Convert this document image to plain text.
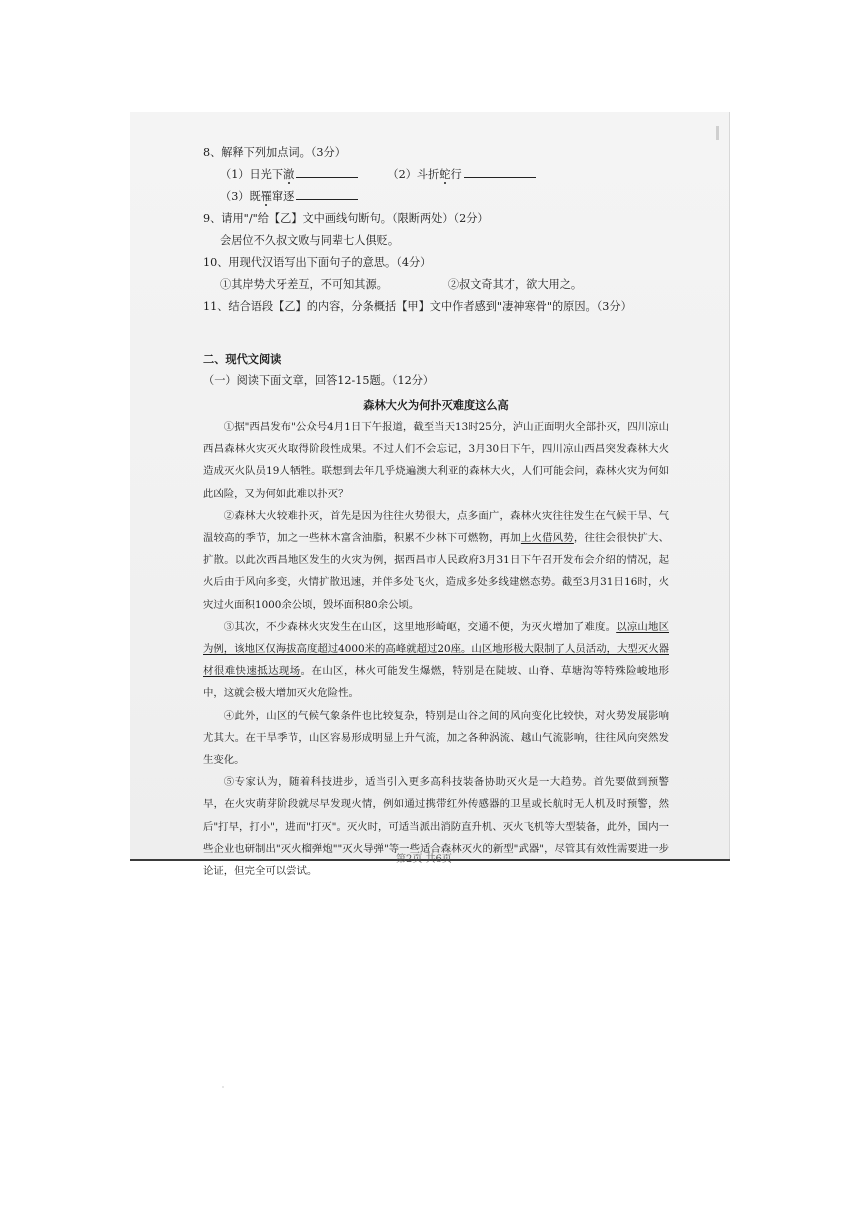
8、解释下列加点词。（3分）
（1）日光下澈	（2）斗折蛇行
（3）既罹窜逐
9、请用"/"给【乙】文中画线句断句。（限断两处）（2分）
会居位不久叔文败与同辈七人俱贬。
10、用现代汉语写出下面句子的意思。（4分）
①其岸势犬牙差互，不可知其源。	②叔文奇其才，欲大用之。
11、结合语段【乙】的内容，分条概括【甲】文中作者感到"凄神寒骨"的原因。（3分）
二、现代文阅读
（一）阅读下面文章，回答12-15题。（12分）
森林大火为何扑灭难度这么高

①据"西昌发布"公众号4月1日下午报道，截至当天13时25分，泸山正面明火全部扑灭，四川凉山西昌森林火灾灭火取得阶段性成果。不过人们不会忘记，3月30日下午，四川凉山西昌突发森林大火造成灭火队员19人牺牲。联想到去年几乎烧遍澳大利亚的森林大火，人们可能会问，森林火灾为何如此凶险，又为何如此难以扑灭？

②森林大火较难扑灭，首先是因为往往火势很大，点多面广，森林火灾往往发生在气候干旱、气温较高的季节，加之一些林木富含油脂，积累不少林下可燃物，再加上火借风势，往往会很快扩大、扩散。以此次西昌地区发生的火灾为例，据西昌市人民政府3月31日下午召开发布会介绍的情况，起火后由于风向多变，火情扩散迅速，并伴多处飞火，造成多处多线建燃态势。截至3月31日16时，火灾过火面积1000余公顷，毁坏面积80余公顷。

③其次，不少森林火灾发生在山区，这里地形崎岖，交通不便，为灭火增加了难度。以凉山地区为例，该地区仅海拔高度超过4000米的高峰就超过20座。山区地形极大限制了人员活动，大型灭火器材很难快速抵达现场。在山区，林火可能发生爆燃，特别是在陡坡、山脊、草塘沟等特殊险峻地形中，这就会极大增加灭火危险性。

④此外，山区的气候气象条件也比较复杂，特别是山谷之间的风向变化比较快，对火势发展影响尤其大。在干旱季节，山区容易形成明显上升气流，加之各种涡流、越山气流影响，往往风向突然发生变化。

⑤专家认为，随着科技进步，适当引入更多高科技装备协助灭火是一大趋势。首先要做到预警早，在火灾萌芽阶段就尽早发现火情，例如通过携带红外传感器的卫星或长航时无人机及时预警，然后"打早，打小"，进而"打灭"。灭火时，可适当派出消防直升机、灭火飞机等大型装备，此外，国内一些企业也研制出"灭火榴弹炮""灭火导弹"等一些适合森林灭火的新型"武器"，尽管其有效性需要进一步论证，但完全可以尝试。

第2页 共6页
